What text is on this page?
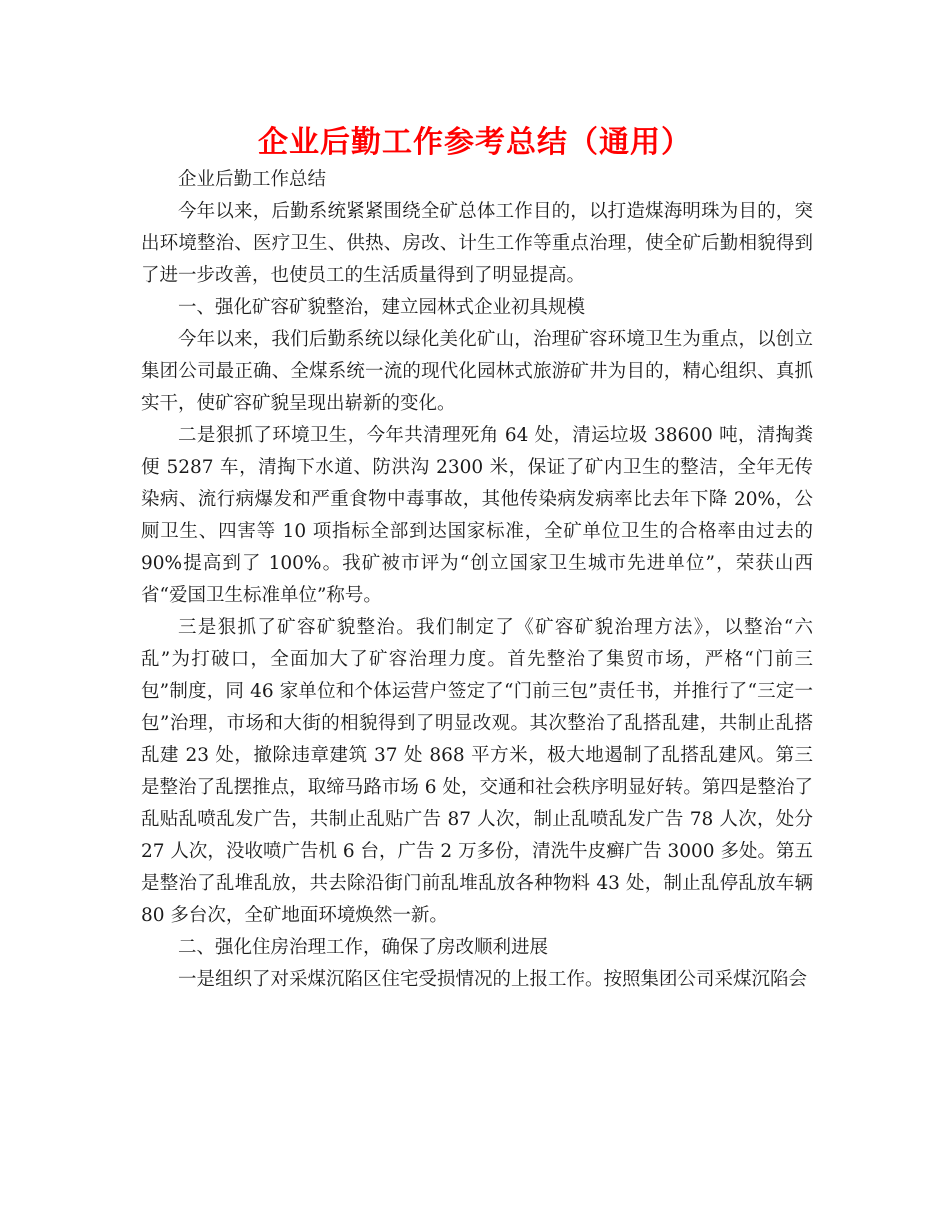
企业后勤工作参考总结（通用）

企业后勤工作总结

今年以来，后勤系统紧紧围绕全矿总体工作目的，以打造煤海明珠为目的，突出环境整治、医疗卫生、供热、房改、计生工作等重点治理，使全矿后勤相貌得到了进一步改善，也使员工的生活质量得到了明显提高。

一、强化矿容矿貌整治，建立园林式企业初具规模

今年以来，我们后勤系统以绿化美化矿山，治理矿容环境卫生为重点，以创立集团公司最正确、全煤系统一流的现代化园林式旅游矿井为目的，精心组织、真抓实干，使矿容矿貌呈现出崭新的变化。

二是狠抓了环境卫生，今年共清理死角 64 处，清运垃圾 38600 吨，清掏粪便 5287 车，清掏下水道、防洪沟 2300 米，保证了矿内卫生的整洁，全年无传染病、流行病爆发和严重食物中毒事故，其他传染病发病率比去年下降 20%，公厕卫生、四害等 10 项指标全部到达国家标准，全矿单位卫生的合格率由过去的 90%提高到了 100%。我矿被市评为“创立国家卫生城市先进单位”，荣获山西省“爱国卫生标准单位”称号。

三是狠抓了矿容矿貌整治。我们制定了《矿容矿貌治理方法》，以整治“六乱”为打破口，全面加大了矿容治理力度。首先整治了集贸市场，严格“门前三包”制度，同 46 家单位和个体运营户签定了“门前三包”责任书，并推行了“三定一包”治理，市场和大街的相貌得到了明显改观。其次整治了乱搭乱建，共制止乱搭乱建 23 处，撤除违章建筑 37 处 868 平方米，极大地遏制了乱搭乱建风。第三是整治了乱摆推点，取缔马路市场 6 处，交通和社会秩序明显好转。第四是整治了乱贴乱喷乱发广告，共制止乱贴广告 87 人次，制止乱喷乱发广告 78 人次，处分 27 人次，没收喷广告机 6 台，广告 2 万多份，清洗牛皮癣广告 3000 多处。第五是整治了乱堆乱放，共去除沿街门前乱堆乱放各种物料 43 处，制止乱停乱放车辆 80 多台次，全矿地面环境焕然一新。

二、强化住房治理工作，确保了房改顺利进展

一是组织了对采煤沉陷区住宅受损情况的上报工作。按照集团公司采煤沉陷会
